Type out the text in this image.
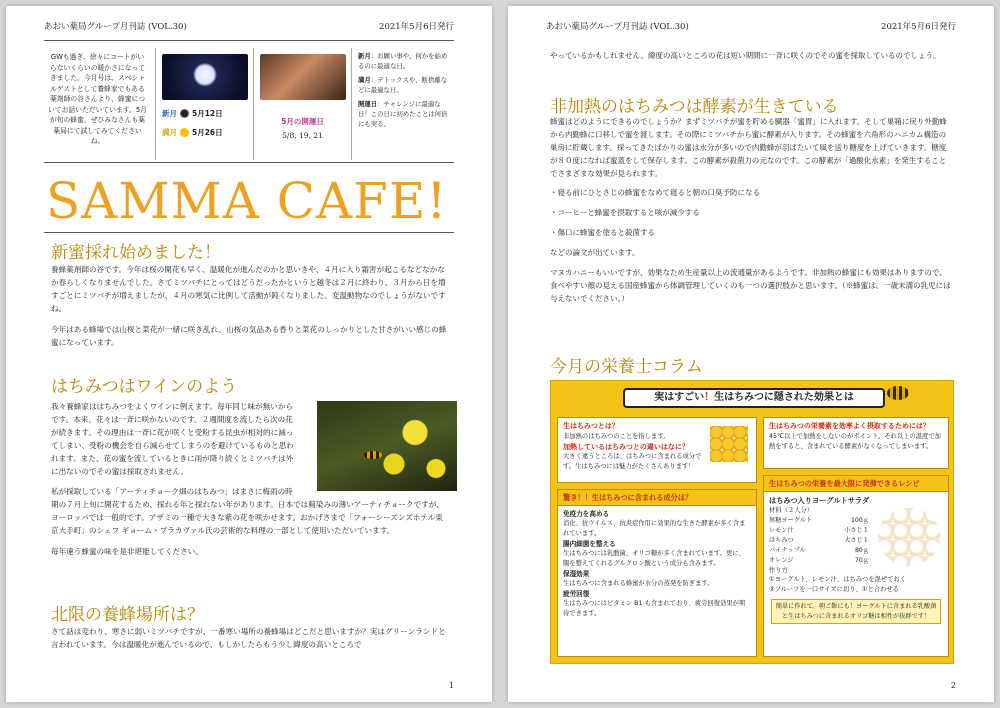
あおい薬局グループ月刊誌 (VOL.30)	2021年5月6日発行
GWも過ぎ、徐々にコートがいらないくらいの暖かさになってきました。今月号は、スペシャルゲストとして養蜂家でもある薬剤師の谷さんより、蜂蜜についてお話いただいています。5月が旬の蜂蜜、ぜひみなさんも薬薬局にて試してみてくださいね。
新月 5月12日
満月 5月26日
5月の開運日
5/8, 19, 21

新月：お願い事や、何かを始めるのに最適な日。

満月：デトックスや、断捨離などに最適な日。

開運日：チャレンジに最適な日！この日に初めたことは何倍にも実る。

SAMMA CAFE!
新蜜採れ始めました！

養蜂薬剤師の谷です。今年は桜の開花も早く、温暖化が進んだのかと思いきや、４月に入り霜害が起こるなどなかなか春らしくなりませんでした。さてミツバチにとってはどうだったかというと越冬は２月に終わり、３月から日を増すごとにミツバチが増えましたが、４月の寒気に比例して活動が鈍くなりました。変温動物なのでしょうがないですね。

今年はある蜂場では山桜と菜花が一緒に咲き乱れ、山桜の気品ある香りと菜花のしっかりとした甘さがいい感じの蜂蜜になっています。

はちみつはワインのよう

我々養蜂家ははちみつをよくワインに例えます。毎年同じ味が無いからです。本来、花々は一斉に咲かないのです。２週間度を流したら次の花が続きます。その理由は一斉に花が咲くと受粉する昆虫が相対的に減ってしまい、受粉の機会を自ら減らせてしまうのを避けているものと思われます。また、花の蜜を流しているときに雨が降り続くとミツバチは外に出ないのでその蜜は採取されません。

私が採取している「アーティチョーク畑のはちみつ」はまさに梅雨の時期の７月上旬に開花するため、採れる年と採れない年があります。日本では薊染みの薄いアーティチョークですが、ヨーロッパでは一般的です。アザミの一種で大きな紫の花を咲かせます。おかげさまで「フォーシーズンズホテル東京大手町」のシェフ ギョーム・ブラカヴァル氏の芸術的な料理の一部として使用いただいています。

毎年違う蜂蜜の味を是非堪能してください。

北限の養蜂場所は？

さて話は変わり、寒さに弱いミツバチですが、一番寒い場所の養蜂場はどこだと思いますか？実はグリーンランドと言われています。今は温暖化が進んでいるので、もしかしたらもう少し緯度の高いところで

1
あおい薬局グループ月刊誌 (VOL.30)	2021年5月6日発行

やっているかもしれません。緯度の高いところの花は短い期間に一斉に咲くのでその蜜を採取しているのでしょう。

非加熱のはちみつは酵素が生きている

蜂蜜はどのようにできるのでしょうか？まずミツバチが蜜を貯める臓器「蜜胃」に入れます。そして巣箱に戻り外勤蜂から内勤蜂に口移しで蜜を渡します。その際にミツバチから蜜に酵素が入ります。その蜂蜜を六角形のハニカム構造の巣房に貯蔵します。採ってきたばかりの蜜は水分が多いので内勤蜂が羽ばたいて風を送り糖度を上げていきます。糖度が８０度になれば蜜蓋をして保存します。この酵素が殺菌力の元なのです。この酵素が「過酸化水素」を発生することでさまざまな効果が見られます。

・寝る前にひとさじの蜂蜜をなめて寝ると朝の口臭予防になる

・コーヒーと蜂蜜を摂取すると咳が減少する

・傷口に蜂蜜を塗ると殺菌する

などの論文が出ています。

マヌカハニーもいいですが、効果なため生産量以上の流通量があるようです。非加熱の蜂蜜にも効果はありますので、食べやすい顔の見える国産蜂蜜から体調管理していくのも一つの選択肢かと思います。（※蜂蜜は、一歳未満の乳児には与えないでください。）

今月の栄養士コラム
実はすごい！生はちみつに隠された効果とは
生はちみつとは？
非加熱のはちみつのことを指します。
加熱しているはちみつとの違いはなに？
大きく違うところは、はちみつに含まれる成分です。生はちみつには魅力がたくさんあります！
驚き！！生はちみつに含まれる成分は？
免疫力を高める
消化、抗ウイルス、抗炎症作用に効果的な生きた酵素が多く含まれています。
腸内細菌を整える
生はちみつには乳酸菌、オリゴ糖が多く含まれています。更に、腸を整えてくれるグルクロン酸という成分も含みます。
保湿効果
生はちみつに含まれる蜂蜜が水分の蒸発を防ぎます。
疲労回復
生はちみつにはビタミン B1 も含まれており、疲労回復効果が期待できます。
生はちみつの栄養素を効率よく摂取するためには？
45℃以上で加熱をしないのがポイント。それ以上の温度で加熱をすると、含まれている酵素がなくなってしまいます。
生はちみつの栄養を最大限に発揮できるレシピ
はちみつ入りヨーグルトサラダ
材料（２人分）
無糖ヨーグルト	100ｇ
レモン汁	小さじ１
はちみつ	大さじ１
パイナップル	80ｇ
オレンジ	70ｇ
作り方
①ヨーグルト、レモン汁、はちみつを混ぜておく
②フルーツを一口サイズに切り、①と合わせる
簡単に作れて、朝ご飯にも！ヨーグルトに含まれる乳酸菌と生はちみつに含まれるオリゴ糖は相性が抜群です！
2
